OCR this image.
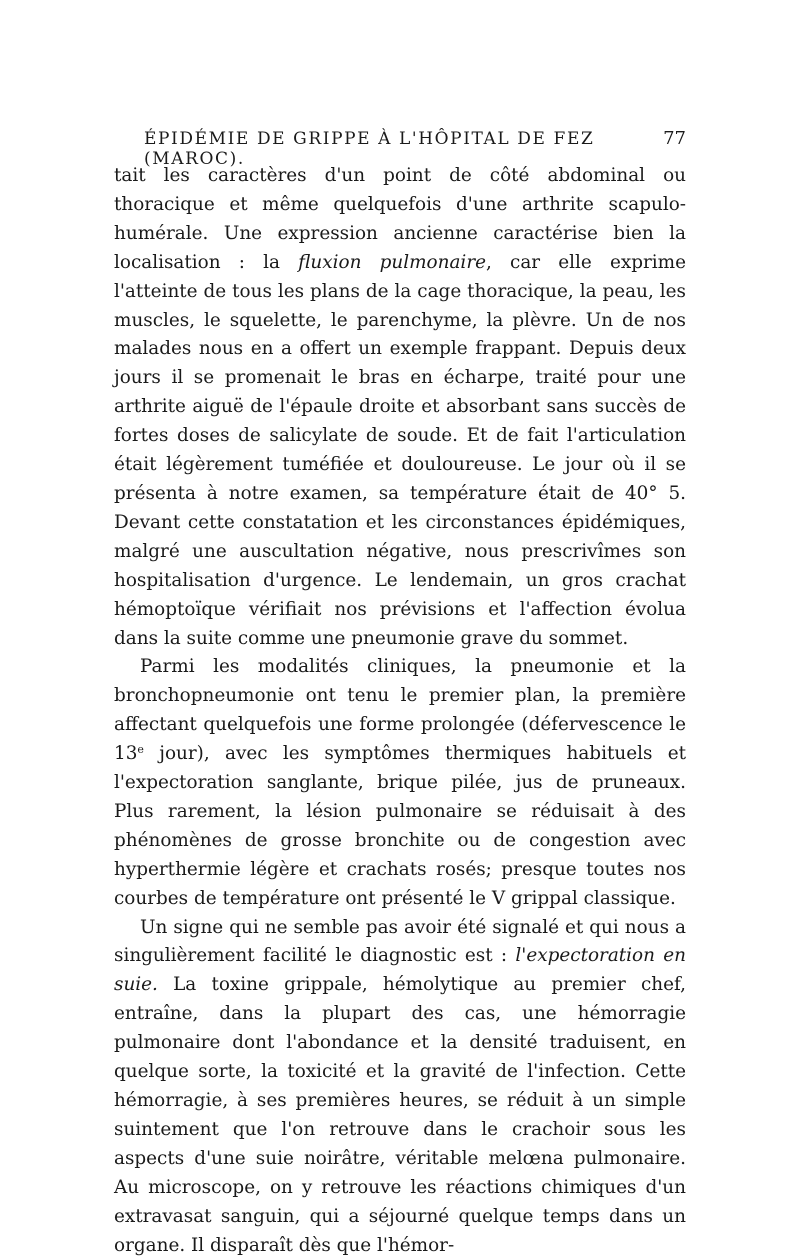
ÉPIDÉMIE DE GRIPPE À L'HÔPITAL DE FEZ (MAROC).
77

tait les caractères d'un point de côté abdominal ou thoracique et même quelquefois d'une arthrite scapulo-humérale. Une expression ancienne caractérise bien la localisation : la fluxion pulmonaire, car elle exprime l'atteinte de tous les plans de la cage thoracique, la peau, les muscles, le squelette, le parenchyme, la plèvre. Un de nos malades nous en a offert un exemple frappant. Depuis deux jours il se promenait le bras en écharpe, traité pour une arthrite aiguë de l'épaule droite et absorbant sans succès de fortes doses de salicylate de soude. Et de fait l'articulation était légèrement tuméfiée et douloureuse. Le jour où il se présenta à notre examen, sa température était de 40° 5. Devant cette constatation et les circonstances épidémiques, malgré une auscultation négative, nous prescrivîmes son hospitalisation d'urgence. Le lendemain, un gros crachat hémoptoïque vérifiait nos prévisions et l'affection évolua dans la suite comme une pneumonie grave du sommet.

Parmi les modalités cliniques, la pneumonie et la bronchopneumonie ont tenu le premier plan, la première affectant quelquefois une forme prolongée (défervescence le 13e jour), avec les symptômes thermiques habituels et l'expectoration sanglante, brique pilée, jus de pruneaux. Plus rarement, la lésion pulmonaire se réduisait à des phénomènes de grosse bronchite ou de congestion avec hyperthermie légère et crachats rosés; presque toutes nos courbes de température ont présenté le V grippal classique.

Un signe qui ne semble pas avoir été signalé et qui nous a singulièrement facilité le diagnostic est : l'expectoration en suie. La toxine grippale, hémolytique au premier chef, entraîne, dans la plupart des cas, une hémorragie pulmonaire dont l'abondance et la densité traduisent, en quelque sorte, la toxicité et la gravité de l'infection. Cette hémorragie, à ses premières heures, se réduit à un simple suintement que l'on retrouve dans le crachoir sous les aspects d'une suie noirâtre, véritable melœna pulmonaire. Au microscope, on y retrouve les réactions chimiques d'un extravasat sanguin, qui a séjourné quelque temps dans un organe. Il disparaît dès que l'hémor-
